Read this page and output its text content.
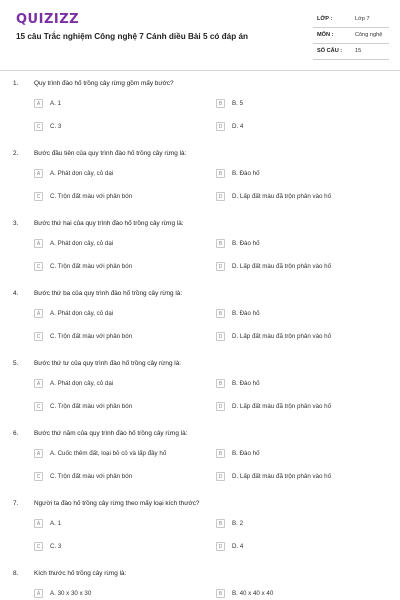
QUIZIZZ
15 câu Trắc nghiệm Công nghệ 7 Cánh diều Bài 5 có đáp án
LỚP :	Lớp 7
MÔN :	Công nghệ
SỐ CÂU : 15
1. Quy trình đào hố trồng cây rừng gồm mấy bước?
A	A. 1	B	B. 5
C	C. 3	D	D. 4
2. Bước đầu tiên của quy trình đào hố trồng cây rừng là:
A	A. Phát dọn cây, cỏ dại	B	B. Đào hố
C	C. Trộn đất màu với phân bón	D	D. Lấp đất màu đã trộn phân vào hố
3. Bước thứ hai của quy trình đào hố trồng cây rừng là:
A	A. Phát dọn cây, cỏ dại	B	B. Đào hố
C	C. Trộn đất màu với phân bón	D	D. Lấp đất màu đã trộn phân vào hố
4. Bước thứ ba của quy trình đào hố trồng cây rừng là:
A	A. Phát dọn cây, cỏ dại	B	B. Đào hố
C	C. Trộn đất màu với phân bón	D	D. Lấp đất màu đã trộn phân vào hố
5. Bước thứ tư của quy trình đào hố trồng cây rừng là:
A	A. Phát dọn cây, cỏ dại	B	B. Đào hố
C	C. Trộn đất màu với phân bón	D	D. Lấp đất màu đã trộn phân vào hố
6. Bước thứ năm của quy trình đào hố trồng cây rừng là:
A	A. Cuốc thêm đất, loại bỏ cỏ và lấp đầy hố	B	B. Đào hố
C	C. Trộn đất màu với phân bón	D	D. Lấp đất màu đã trộn phân vào hố
7. Người ta đào hố trồng cây rừng theo mấy loại kích thước?
A	A. 1	B	B. 2
C	C. 3	D	D. 4
8. Kích thước hố trồng cây rừng là:
A	A. 30 x 30 x 30	B	B. 40 x 40 x 40
